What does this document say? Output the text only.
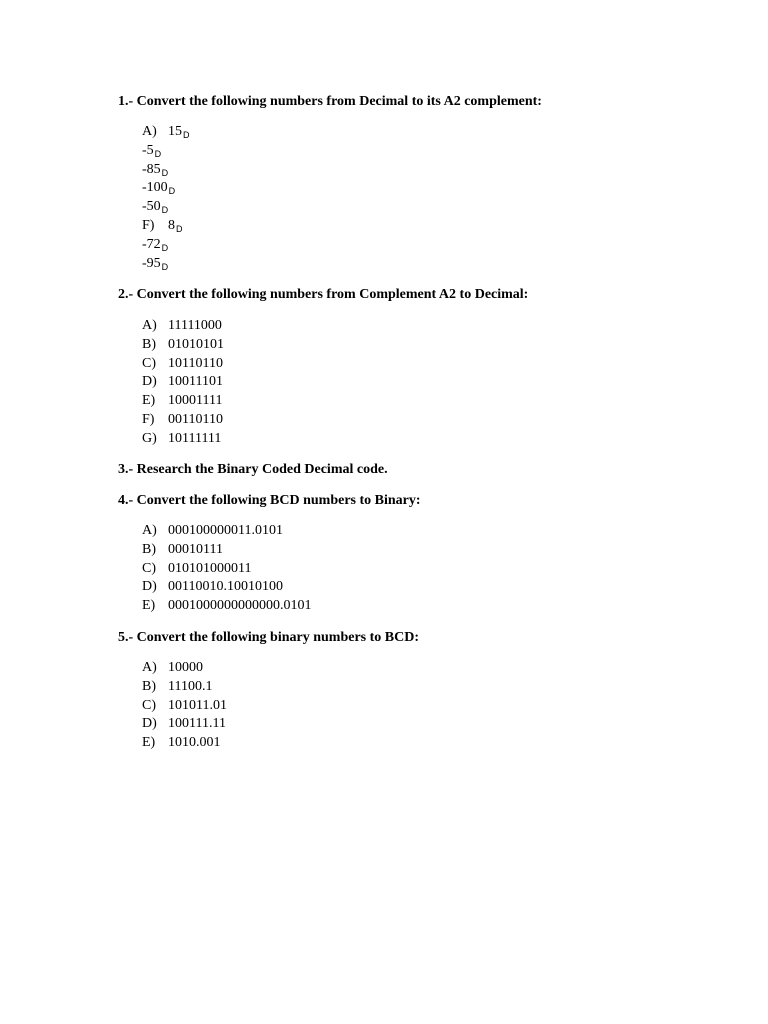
1.- Convert the following numbers from Decimal to its A2 complement:
A) $15_D$
$-5_D$
$-85_D$
$-100_D$
$-50_D$
F) $8_D$
$-72_D$
$-95_D$
2.- Convert the following numbers from Complement A2 to Decimal:
A) 11111000
B) 01010101
C) 10110110
D) 10011101
E) 10001111
F) 00110110
G) 10111111
3.- Research the Binary Coded Decimal code.
4.- Convert the following BCD numbers to Binary:
A) 000100000011.0101
B) 00010111
C) 010101000011
D) 00110010.10010100
E) 0001000000000000.0101
5.- Convert the following binary numbers to BCD:
A) 10000
B) 11100.1
C) 101011.01
D) 100111.11
E) 1010.001
